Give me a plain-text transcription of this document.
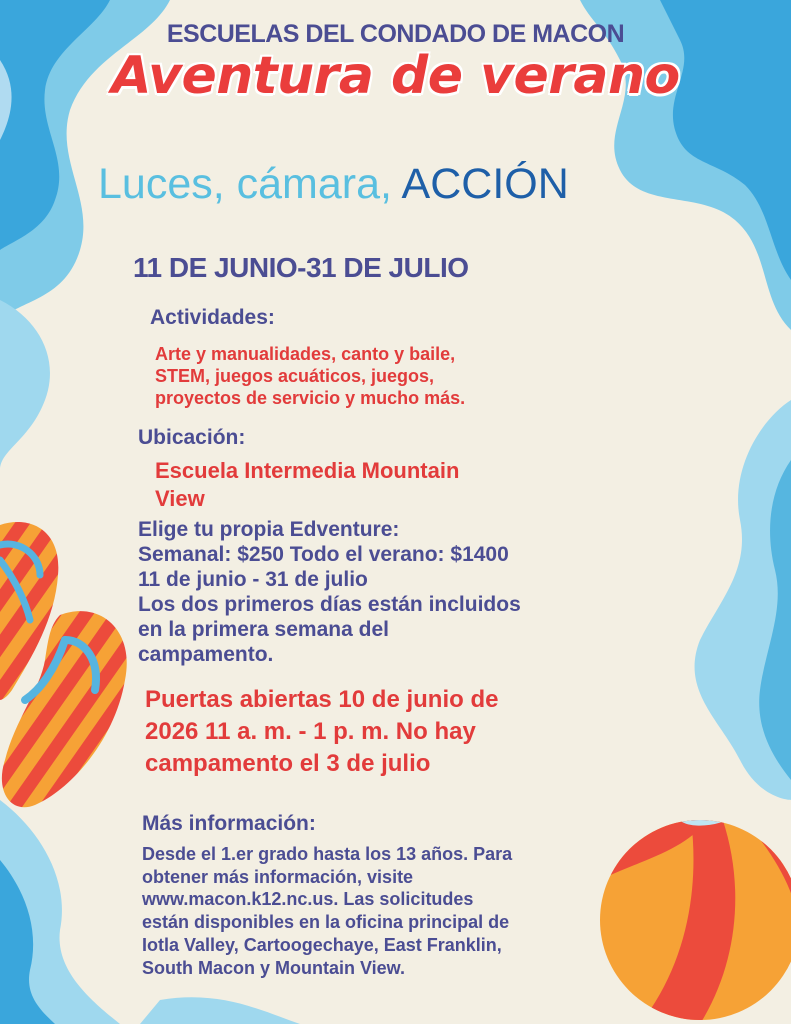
ESCUELAS DEL CONDADO DE MACON
Aventura de verano
Luces, cámara, ACCIÓN
11 DE JUNIO-31 DE JULIO
Actividades:
Arte y manualidades, canto y baile,
STEM, juegos acuáticos, juegos,
proyectos de servicio y mucho más.
Ubicación:
Escuela Intermedia Mountain
View
Elige tu propia Edventure:
Semanal: $250 Todo el verano: $1400
11 de junio - 31 de julio
Los dos primeros días están incluidos
en la primera semana del
campamento.
Puertas abiertas 10 de junio de
2026 11 a. m. - 1 p. m. No hay
campamento el 3 de julio
Más información:
Desde el 1.er grado hasta los 13 años. Para
obtener más información, visite
www.macon.k12.nc.us. Las solicitudes
están disponibles en la oficina principal de
Iotla Valley, Cartoogechaye, East Franklin,
South Macon y Mountain View.
